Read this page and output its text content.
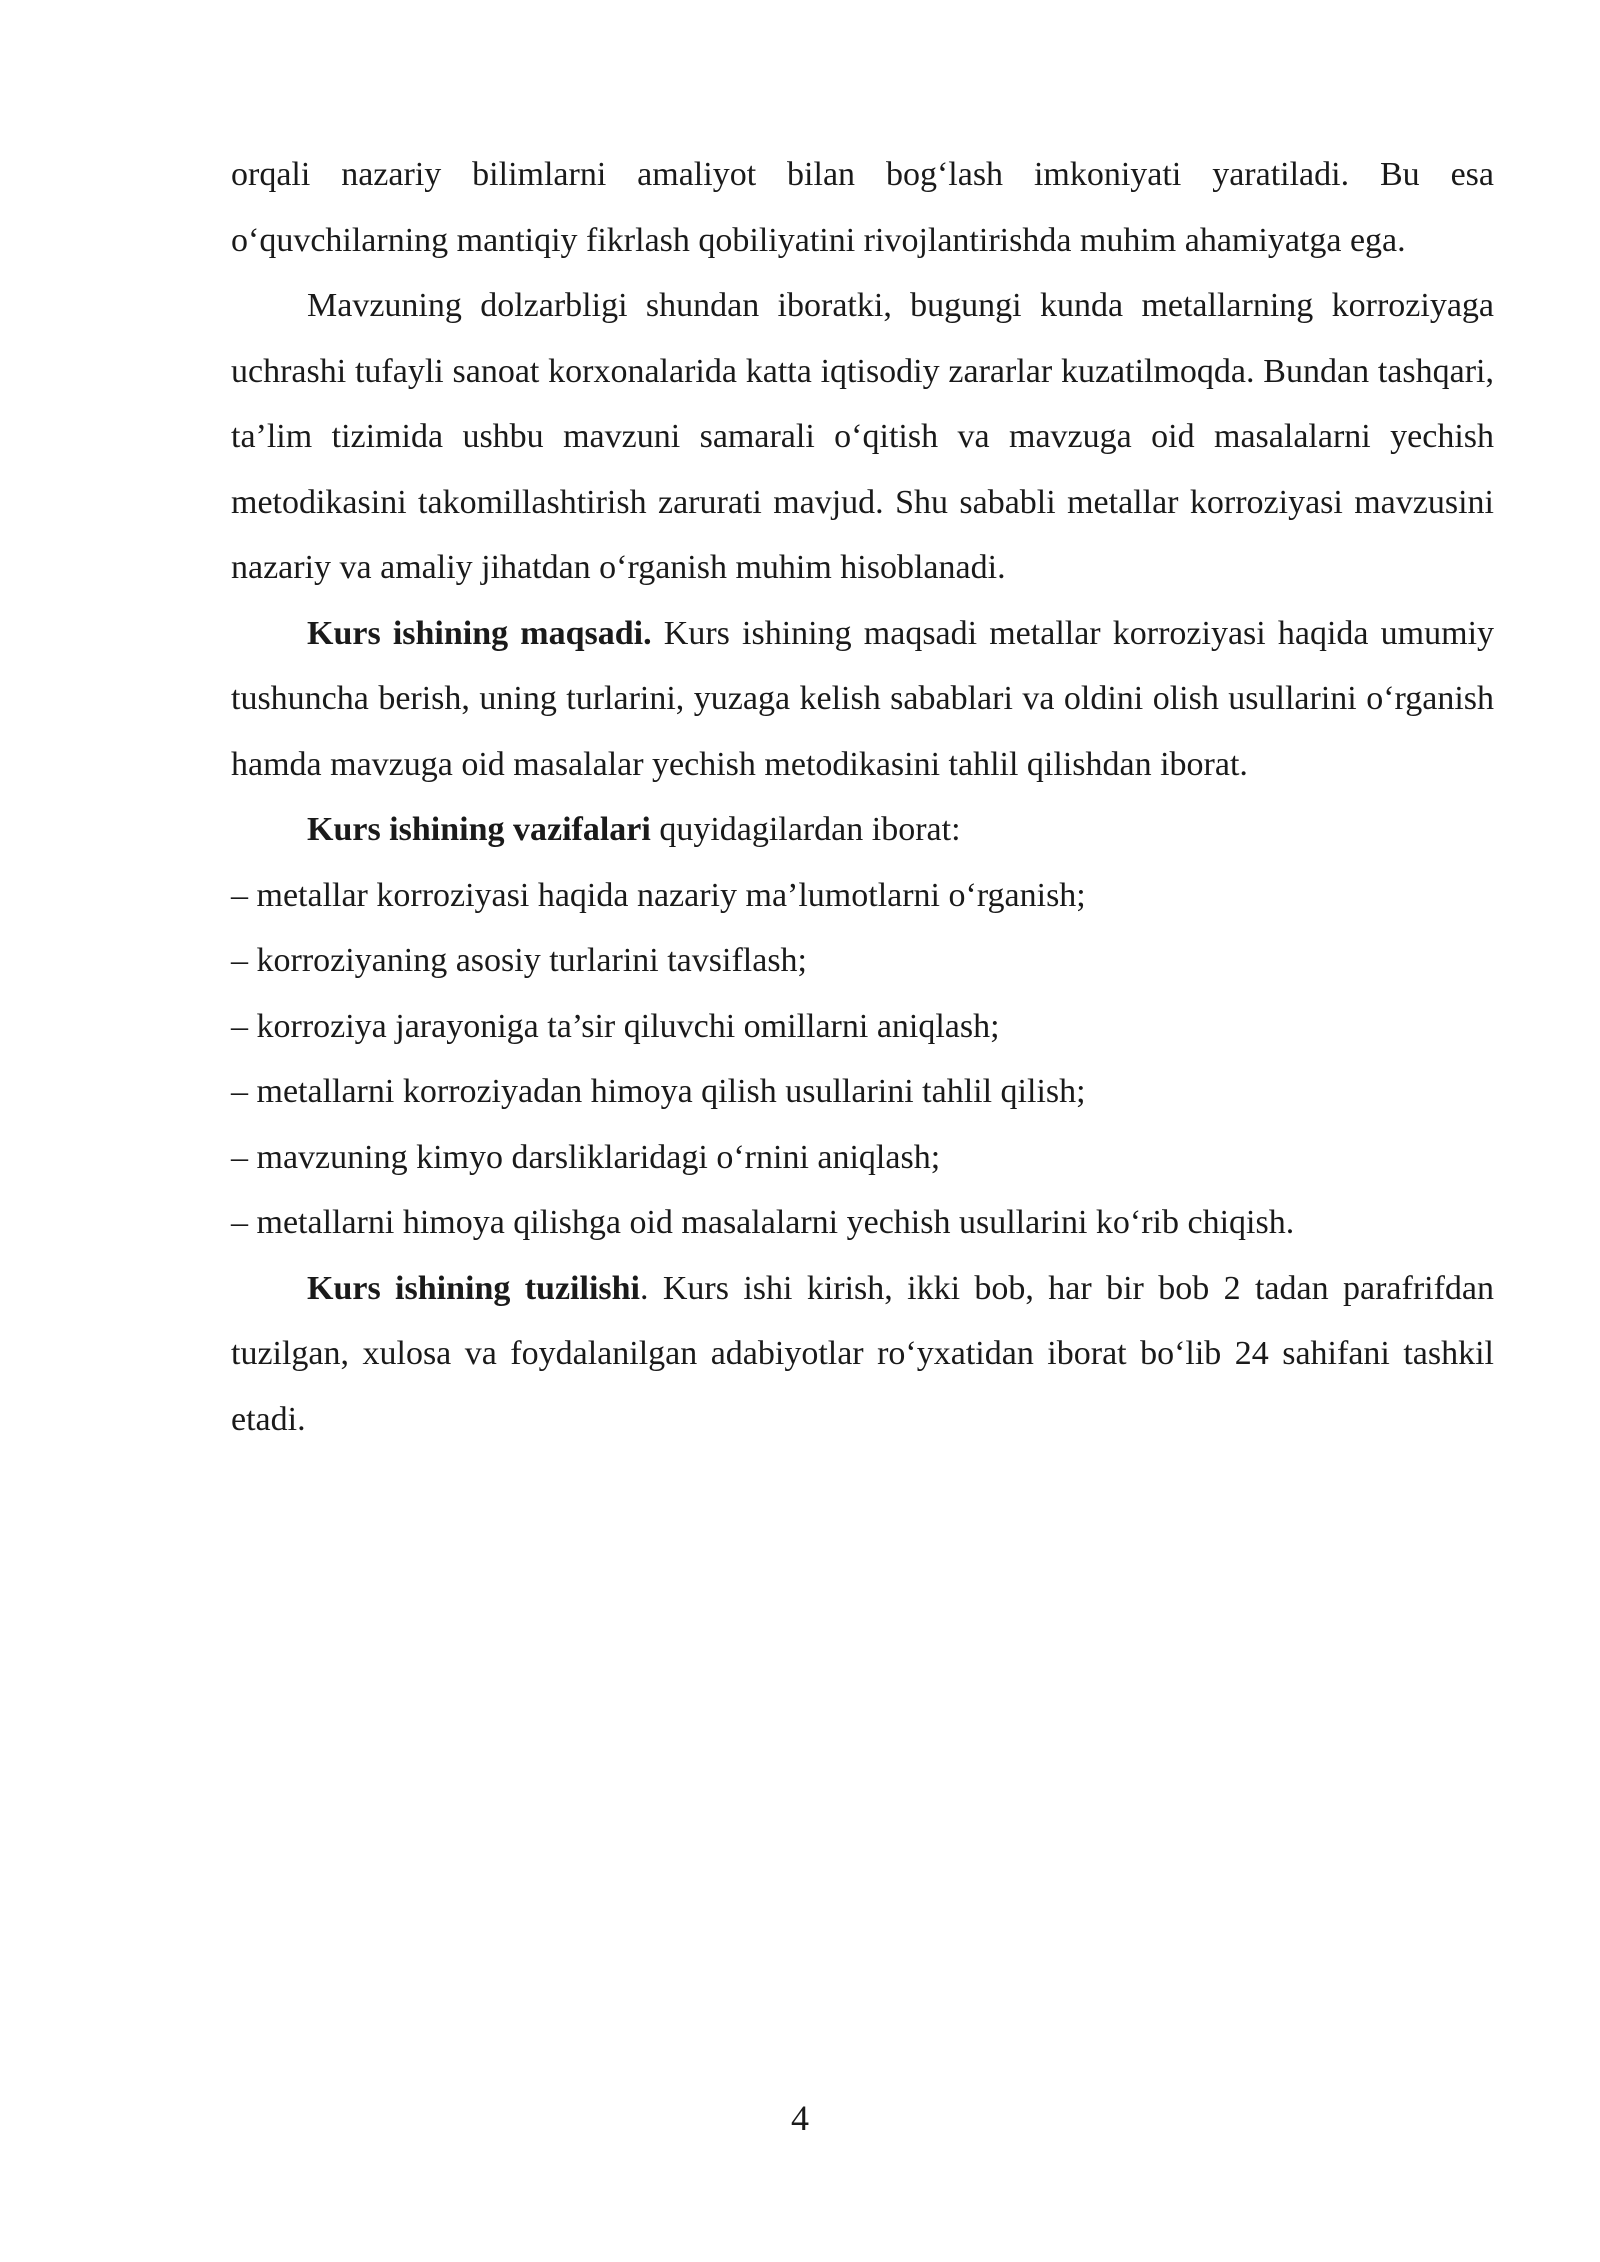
orqali nazariy bilimlarni amaliyot bilan bog‘lash imkoniyati yaratiladi. Bu esa o‘quvchilarning mantiqiy fikrlash qobiliyatini rivojlantirishda muhim ahamiyatga ega.

Mavzuning dolzarbligi shundan iboratki, bugungi kunda metallarning korroziyaga uchrashi tufayli sanoat korxonalarida katta iqtisodiy zararlar kuzatilmoqda. Bundan tashqari, ta’lim tizimida ushbu mavzuni samarali o‘qitish va mavzuga oid masalalarni yechish metodikasini takomillashtirish zarurati mavjud. Shu sababli metallar korroziyasi mavzusini nazariy va amaliy jihatdan o‘rganish muhim hisoblanadi.

Kurs ishining maqsadi. Kurs ishining maqsadi metallar korroziyasi haqida umumiy tushuncha berish, uning turlarini, yuzaga kelish sabablari va oldini olish usullarini o‘rganish hamda mavzuga oid masalalar yechish metodikasini tahlil qilishdan iborat.

Kurs ishining vazifalari quyidagilardan iborat:

– metallar korroziyasi haqida nazariy ma’lumotlarni o‘rganish;
– korroziyaning asosiy turlarini tavsiflash;
– korroziya jarayoniga ta’sir qiluvchi omillarni aniqlash;
– metallarni korroziyadan himoya qilish usullarini tahlil qilish;
– mavzuning kimyo darsliklaridagi o‘rnini aniqlash;
– metallarni himoya qilishga oid masalalarni yechish usullarini ko‘rib chiqish.

Kurs ishining tuzilishi. Kurs ishi kirish, ikki bob, har bir bob 2 tadan parafrifdan tuzilgan, xulosa va foydalanilgan adabiyotlar ro‘yxatidan iborat bo‘lib 24 sahifani tashkil etadi.

4
